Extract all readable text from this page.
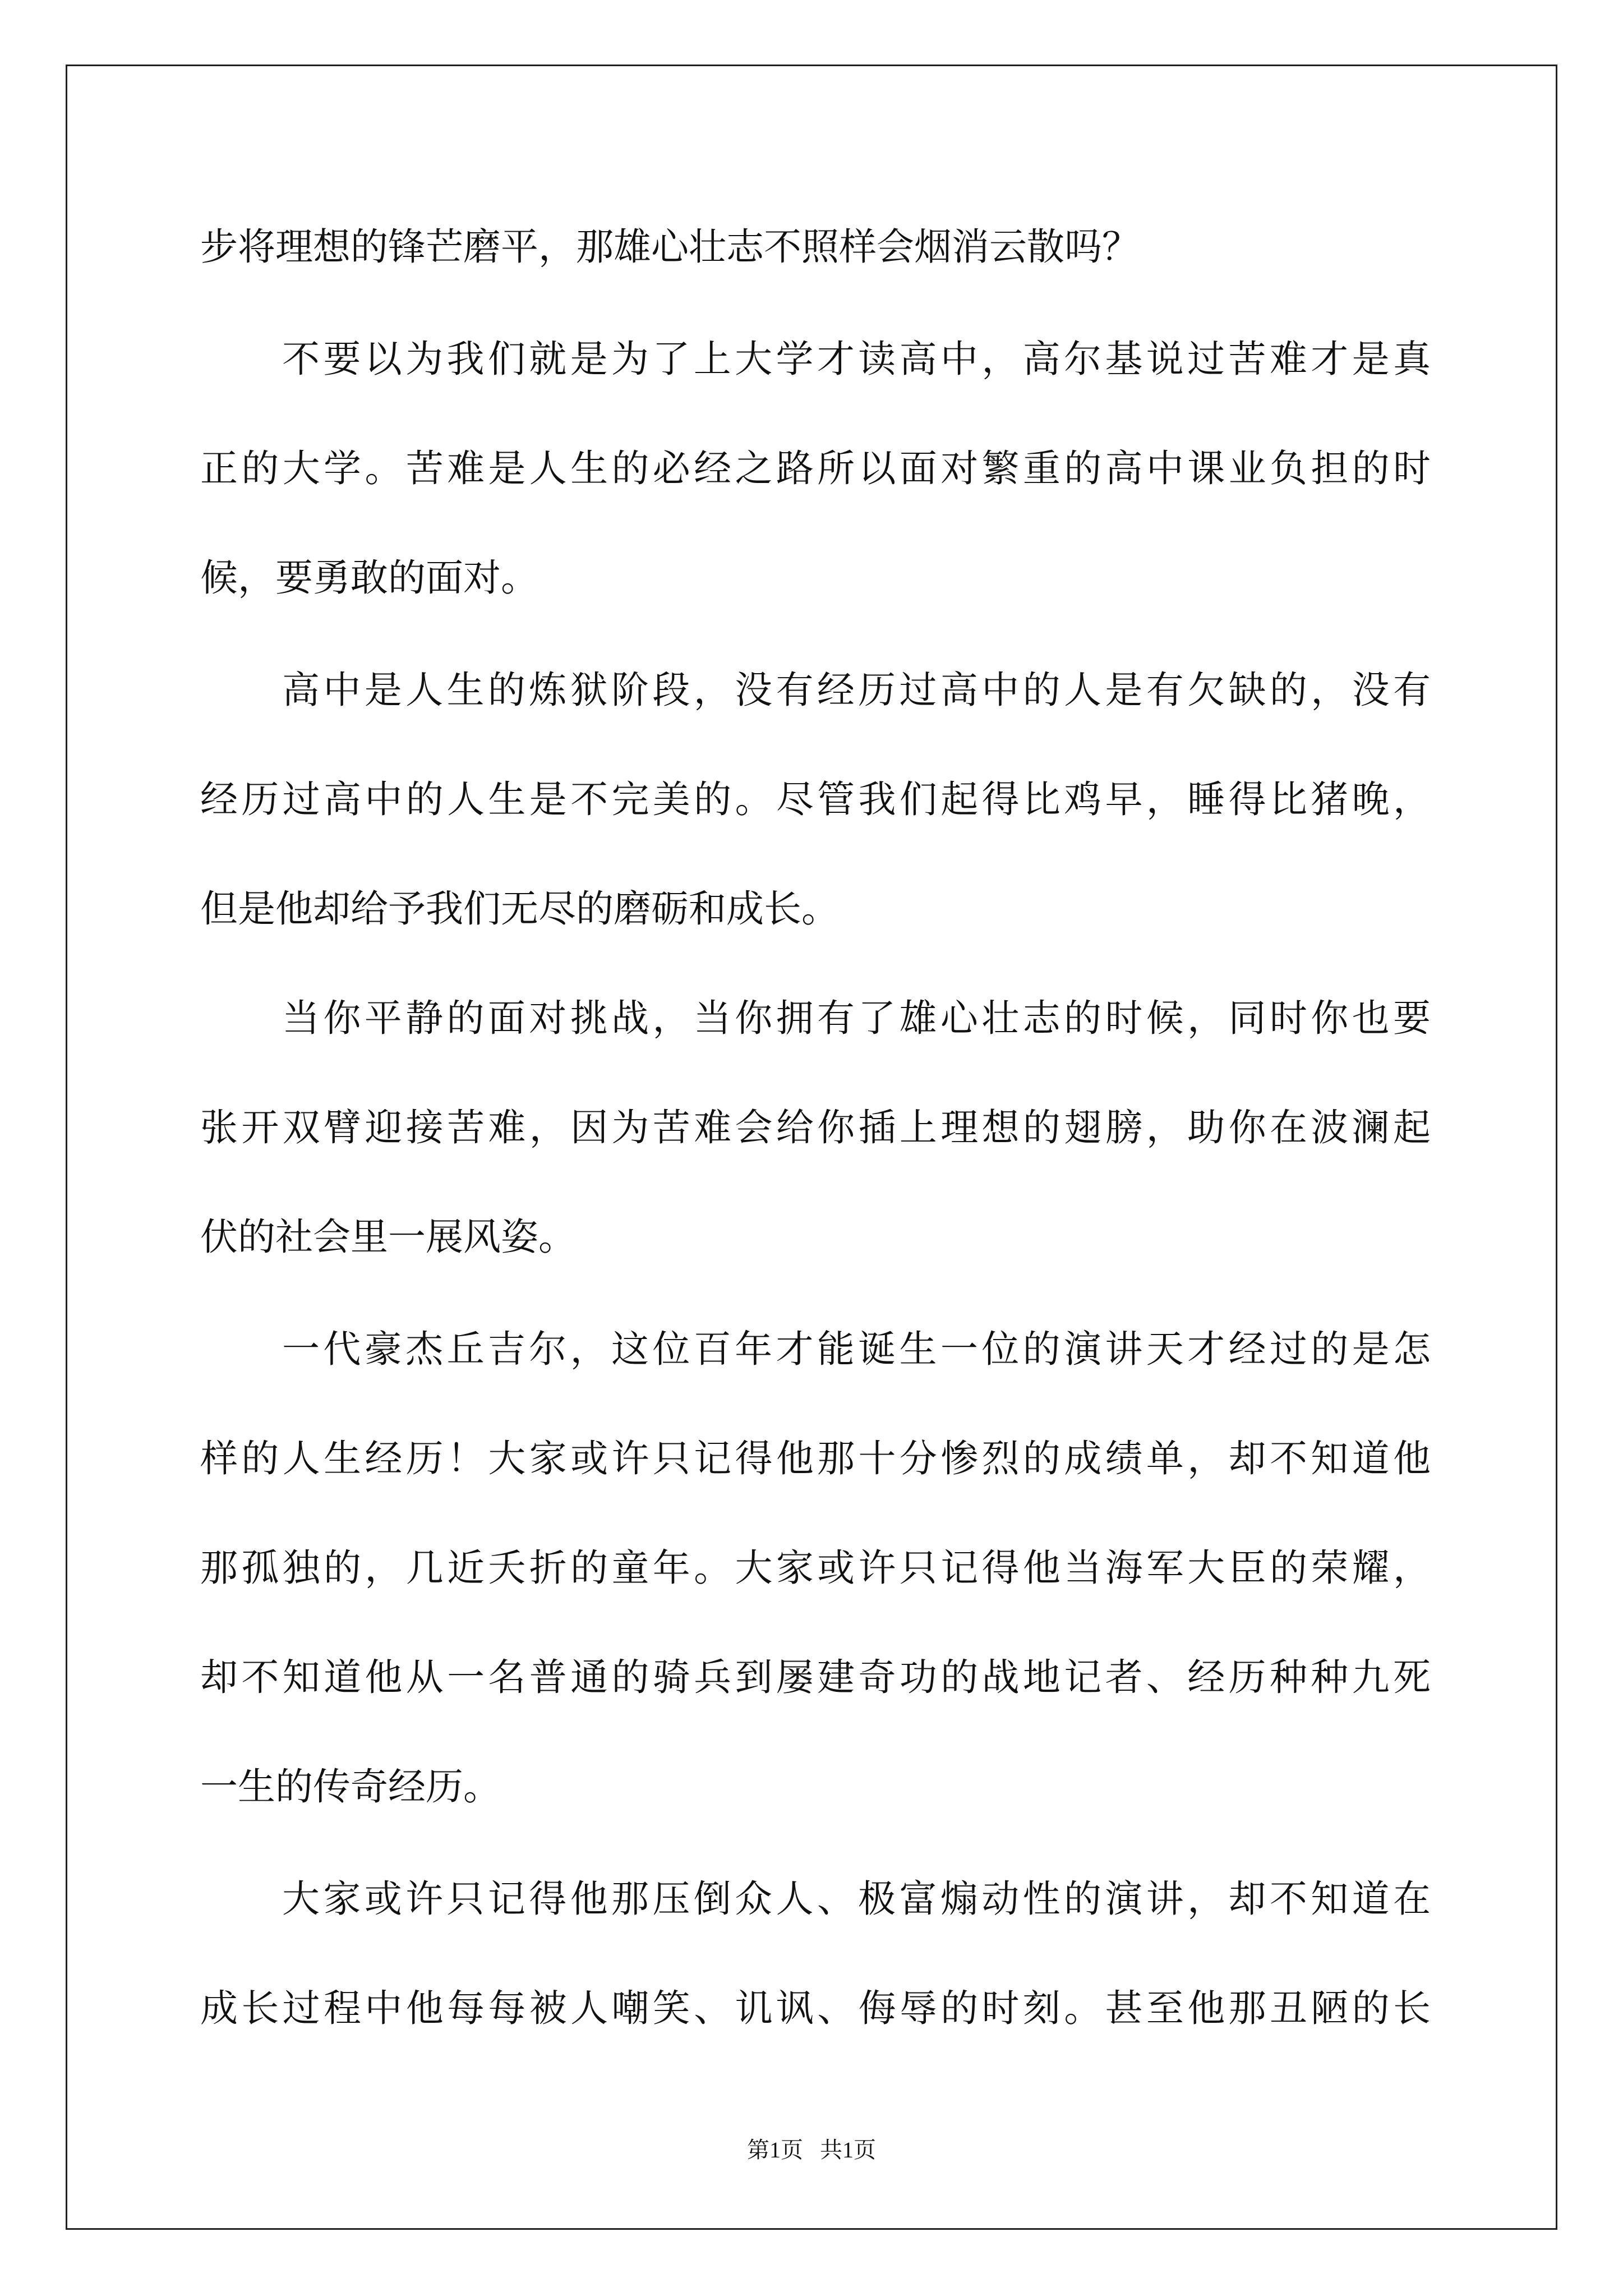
步将理想的锋芒磨平，那雄心壮志不照样会烟消云散吗？
不要以为我们就是为了上大学才读高中，高尔基说过苦难才是真
正的大学。苦难是人生的必经之路所以面对繁重的高中课业负担的时
候，要勇敢的面对。
高中是人生的炼狱阶段，没有经历过高中的人是有欠缺的，没有
经历过高中的人生是不完美的。尽管我们起得比鸡早，睡得比猪晚，
但是他却给予我们无尽的磨砺和成长。
当你平静的面对挑战，当你拥有了雄心壮志的时候，同时你也要
张开双臂迎接苦难，因为苦难会给你插上理想的翅膀，助你在波澜起
伏的社会里一展风姿。
一代豪杰丘吉尔，这位百年才能诞生一位的演讲天才经过的是怎
样的人生经历！大家或许只记得他那十分惨烈的成绩单，却不知道他
那孤独的，几近夭折的童年。大家或许只记得他当海军大臣的荣耀，
却不知道他从一名普通的骑兵到屡建奇功的战地记者、经历种种九死
一生的传奇经历。
大家或许只记得他那压倒众人、极富煽动性的演讲，却不知道在
成长过程中他每每被人嘲笑、讥讽、侮辱的时刻。甚至他那丑陋的长
第1页   共1页
